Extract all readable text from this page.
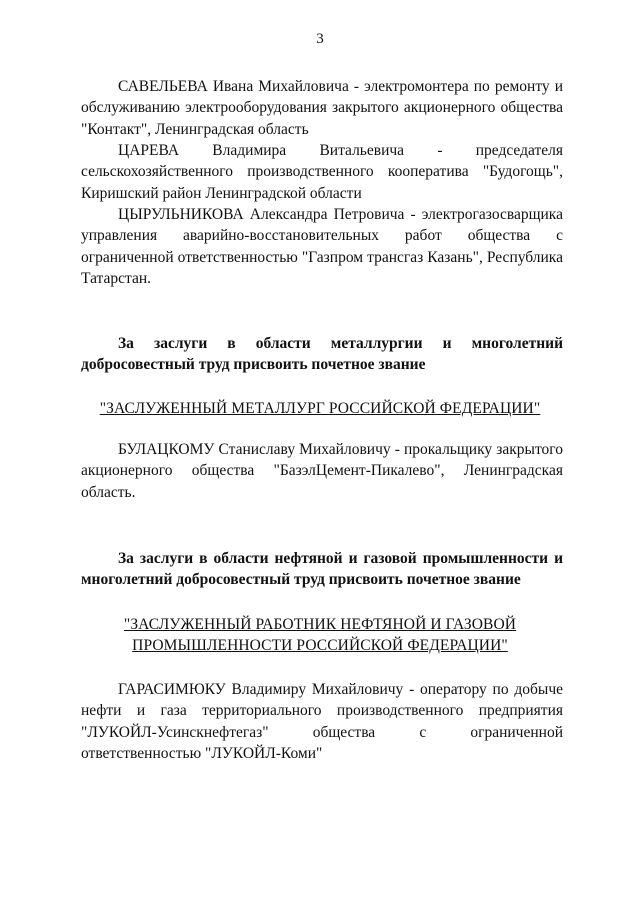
3
САВЕЛЬЕВА Ивана Михайловича - электромонтера по ремонту и обслуживанию электрооборудования закрытого акционерного общества "Контакт", Ленинградская область
ЦАРЕВА Владимира Витальевича - председателя сельскохозяйственного производственного кооператива "Будогощь", Киришский район Ленинградской области
ЦЫРУЛЬНИКОВА Александра Петровича - электрогазосварщика управления аварийно-восстановительных работ общества с ограниченной ответственностью "Газпром трансгаз Казань", Республика Татарстан.
За заслуги в области металлургии и многолетний добросовестный труд присвоить почетное звание
"ЗАСЛУЖЕННЫЙ МЕТАЛЛУРГ РОССИЙСКОЙ ФЕДЕРАЦИИ"
БУЛАЦКОМУ Станиславу Михайловичу - прокальщику закрытого акционерного общества "БазэлЦемент-Пикалево", Ленинградская область.
За заслуги в области нефтяной и газовой промышленности и многолетний добросовестный труд присвоить почетное звание
"ЗАСЛУЖЕННЫЙ РАБОТНИК НЕФТЯНОЙ И ГАЗОВОЙ
ПРОМЫШЛЕННОСТИ РОССИЙСКОЙ ФЕДЕРАЦИИ"
ГАРАСИМЮКУ Владимиру Михайловичу - оператору по добыче нефти и газа территориального производственного предприятия "ЛУКОЙЛ-Усинскнефтегаз" общества с ограниченной ответственностью "ЛУКОЙЛ-Коми"
